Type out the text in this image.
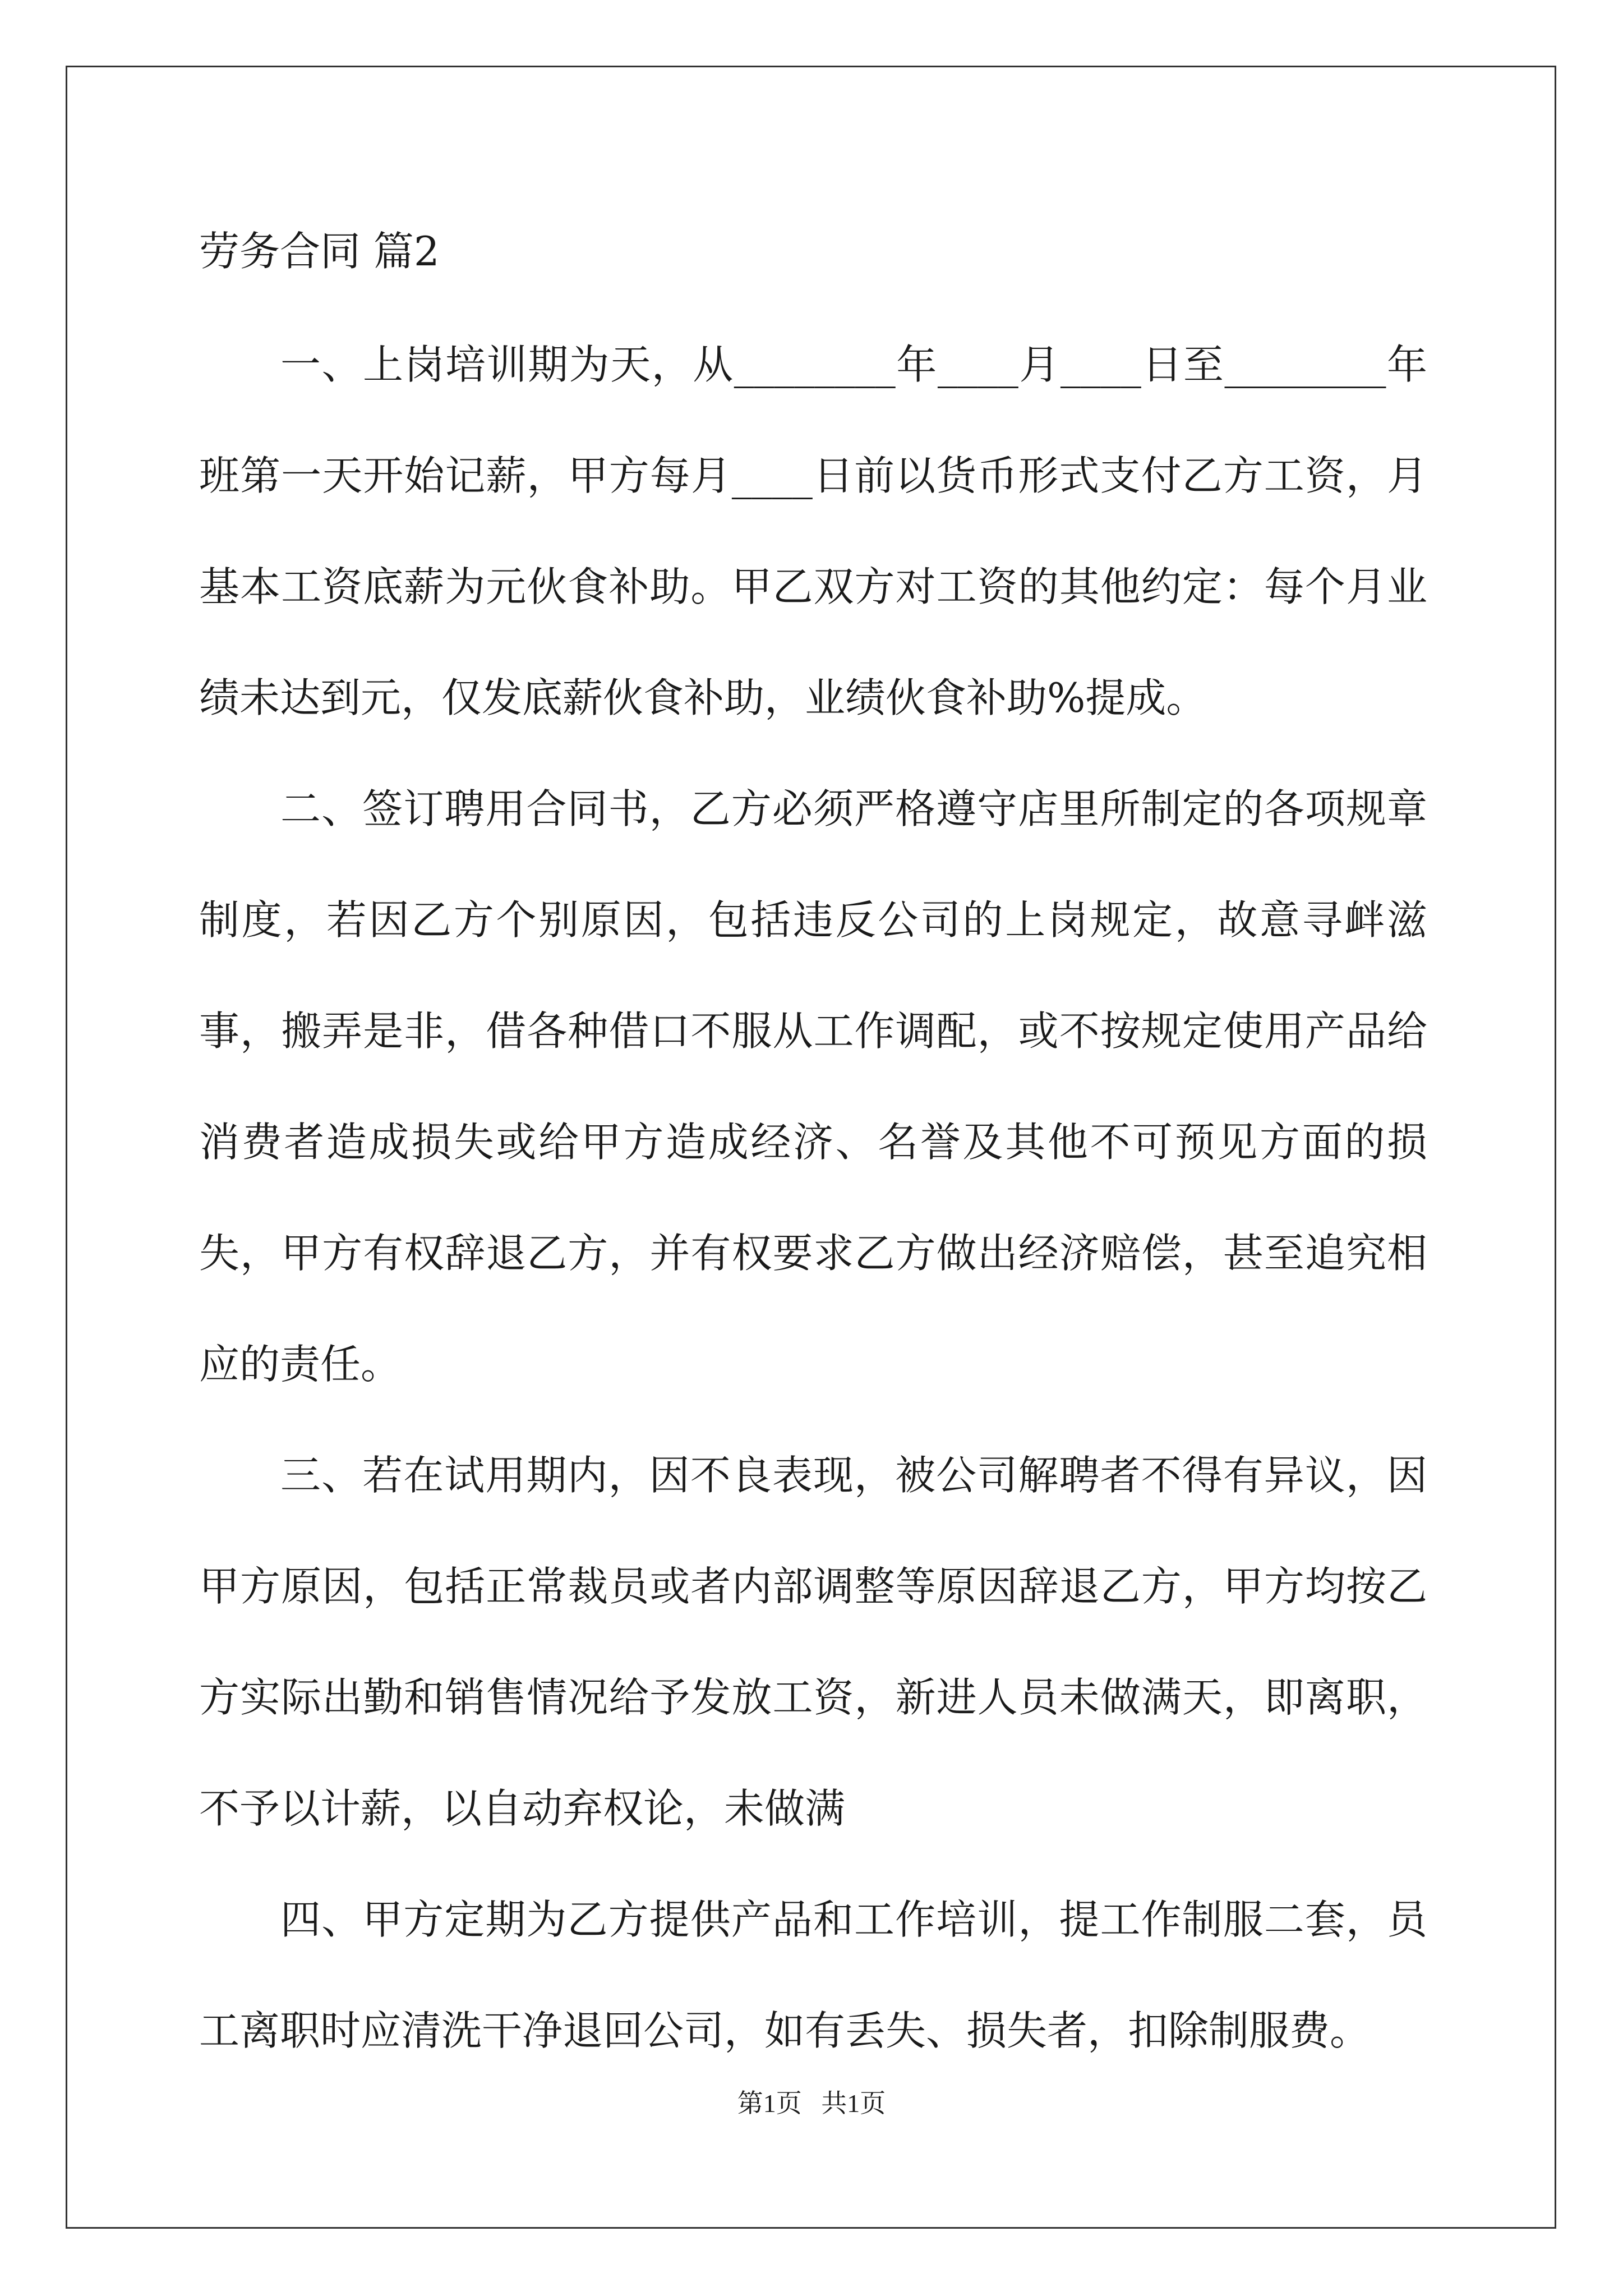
劳务合同 篇2

一、上岗培训期为天，从________年____月____日至________年班第一天开始记薪，甲方每月____日前以货币形式支付乙方工资，月基本工资底薪为元伙食补助。甲乙双方对工资的其他约定：每个月业绩未达到元，仅发底薪伙食补助，业绩伙食补助%提成。

二、签订聘用合同书，乙方必须严格遵守店里所制定的各项规章制度，若因乙方个别原因，包括违反公司的上岗规定，故意寻衅滋事，搬弄是非，借各种借口不服从工作调配，或不按规定使用产品给消费者造成损失或给甲方造成经济、名誉及其他不可预见方面的损失，甲方有权辞退乙方，并有权要求乙方做出经济赔偿，甚至追究相应的责任。

三、若在试用期内，因不良表现，被公司解聘者不得有异议，因甲方原因，包括正常裁员或者内部调整等原因辞退乙方，甲方均按乙方实际出勤和销售情况给予发放工资，新进人员未做满天，即离职，不予以计薪，以自动弃权论，未做满

四、甲方定期为乙方提供产品和工作培训，提工作制服二套，员工离职时应清洗干净退回公司，如有丢失、损失者，扣除制服费。

第1页   共1页
